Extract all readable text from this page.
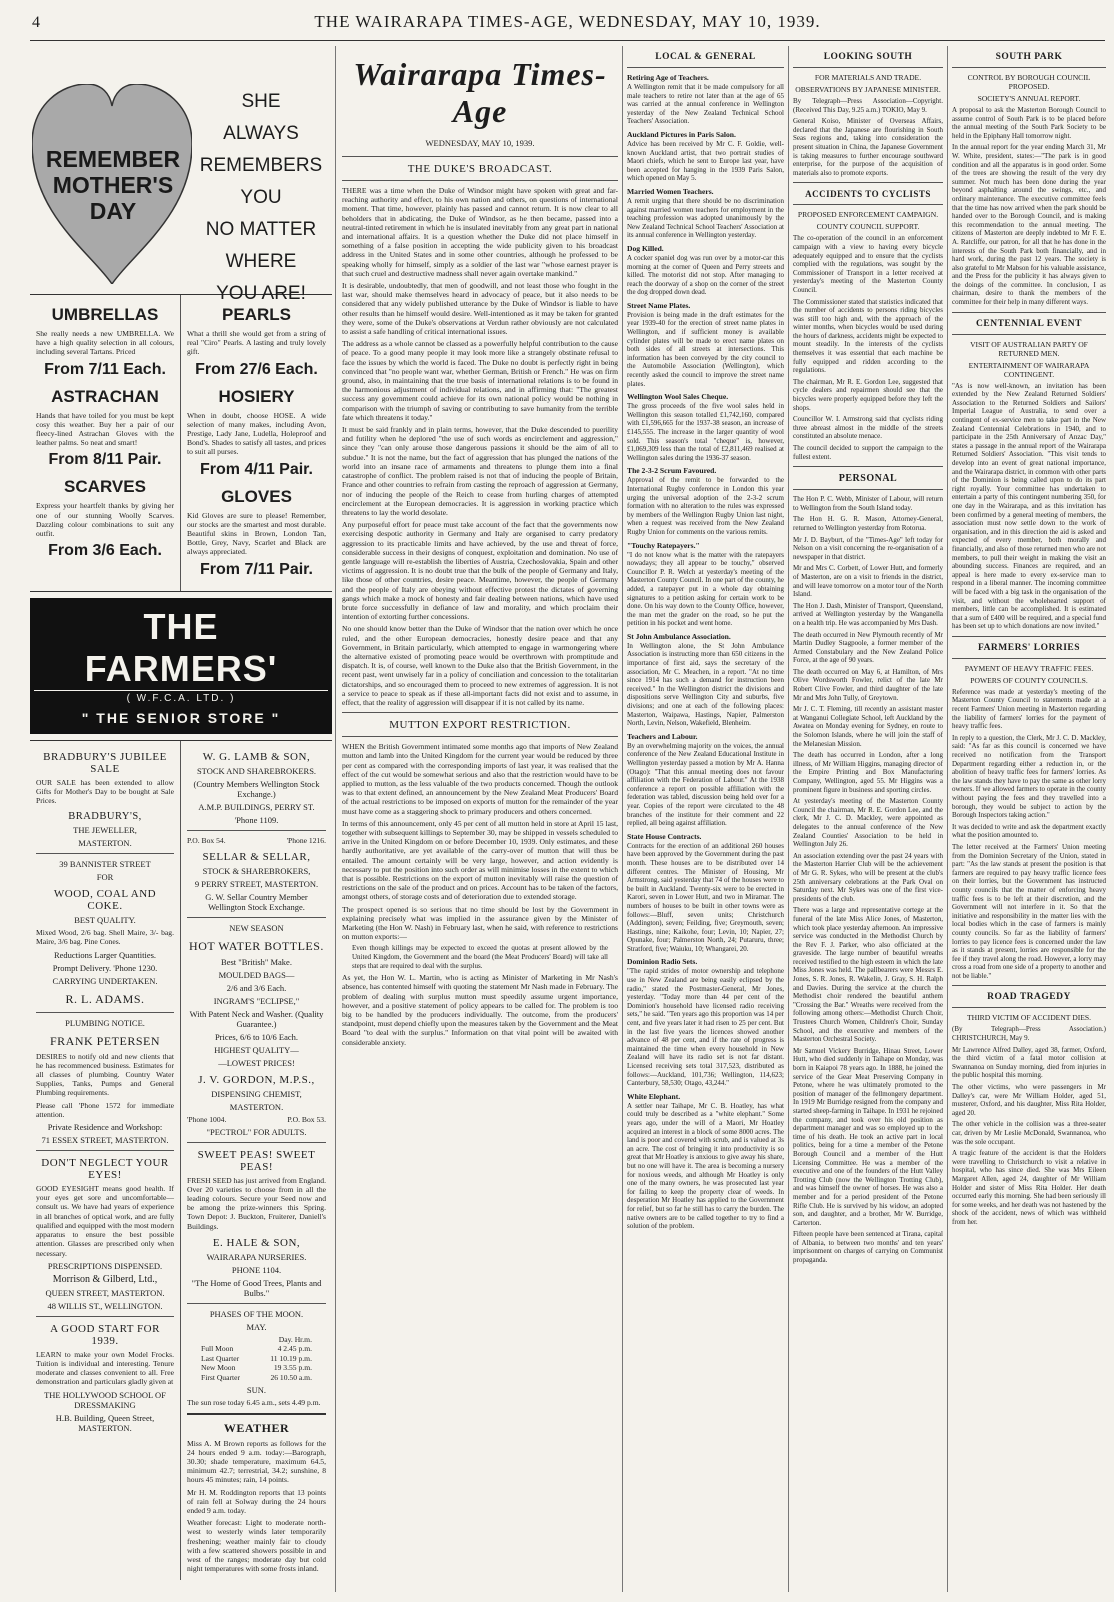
4	THE WAIRARAPA TIMES-AGE, WEDNESDAY, MAY 10, 1939.
REMEMBER MOTHER'S DAY
SHE
ALWAYS
REMEMBERS
YOU
NO MATTER
WHERE
YOU ARE!
UMBRELLAS

She really needs a new UMBRELLA. We have a high quality selection in all colours, including several Tartans. Priced

From 7/11 Each.
ASTRACHAN

Hands that have toiled for you must be kept cosy this weather. Buy her a pair of our fleecy-lined Astrachan Gloves with the leather palms. So neat and smart!

From 8/11 Pair.
SCARVES

Express your heartfelt thanks by giving her one of our stunning Woolly Scarves. Dazzling colour combinations to suit any outfit.

From 3/6 Each.
PEARLS

What a thrill she would get from a string of real "Ciro" Pearls. A lasting and truly lovely gift.

From 27/6 Each.
HOSIERY

When in doubt, choose HOSE. A wide selection of many makes, including Avon, Prestige, Lady Jane, Ludella, Holeproof and Bond's. Shades to satisfy all tastes, and prices to suit all purses.

From 4/11 Pair.
GLOVES

Kid Gloves are sure to please! Remember, our stocks are the smartest and most durable. Beautiful skins in Brown, London Tan, Bottle, Grey, Navy, Scarlet and Black are always appreciated.

From 7/11 Pair.
THE FARMERS'
( W.F.C.A. LTD. )
" THE SENIOR STORE "
BRADBURY'S JUBILEE SALE

OUR SALE has been extended to allow Gifts for Mother's Day to be bought at Sale Prices.

BRADBURY'S,
THE JEWELLER,
MASTERTON.
39 BANNISTER STREET
FOR
WOOD, COAL AND COKE.
BEST QUALITY.

Mixed Wood, 2/6 bag. Shell Maire, 3/- bag. Maire, 3/6 bag. Pine Cones.

Reductions Larger Quantities.
Prompt Delivery. 'Phone 1230.
CARRYING UNDERTAKEN.
R. L. ADAMS.
PLUMBING NOTICE.
FRANK PETERSEN

DESIRES to notify old and new clients that he has recommenced business. Estimates for all classes of plumbing. Country Water Supplies, Tanks, Pumps and General Plumbing requirements.

Please call 'Phone 1572 for immediate attention.

Private Residence and Workshop:
71 ESSEX STREET, MASTERTON.
DON'T NEGLECT YOUR EYES!

GOOD EYESIGHT means good health. If your eyes get sore and uncomfortable—consult us. We have had years of experience in all branches of optical work, and are fully qualified and equipped with the most modern apparatus to ensure the best possible attention. Glasses are prescribed only when necessary.

PRESCRIPTIONS DISPENSED.
Morrison & Gilberd, Ltd.,
QUEEN STREET, MASTERTON.
48 WILLIS ST., WELLINGTON.
A GOOD START FOR 1939.

LEARN to make your own Model Frocks. Tuition is individual and interesting. Tenure moderate and classes convenient to all. Free demonstration and particulars gladly given at

THE HOLLYWOOD SCHOOL OF DRESSMAKING
H.B. Building, Queen Street, MASTERTON.
W. G. LAMB & SON,
STOCK AND SHAREBROKERS.
(Country Members Wellington Stock Exchange.)
A.M.P. BUILDINGS, PERRY ST.
'Phone 1109.
P.O. Box 54.	'Phone 1216.
SELLAR & SELLAR,
STOCK & SHAREBROKERS,
9 PERRY STREET, MASTERTON.
G. W. Sellar Country Member Wellington Stock Exchange.
NEW SEASON
HOT WATER BOTTLES.
Best "British" Make.
MOULDED BAGS—
2/6 and 3/6 Each.
INGRAM'S "ECLIPSE,"
With Patent Neck and Washer. (Quality Guarantee.)
Prices, 6/6 to 10/6 Each.
HIGHEST QUALITY—
—LOWEST PRICES!
J. V. GORDON, M.P.S.,
DISPENSING CHEMIST,
MASTERTON.
'Phone 1004.	P.O. Box 53.
"PECTROL" FOR ADULTS.
SWEET PEAS! SWEET PEAS!

FRESH SEED has just arrived from England. Over 20 varieties to choose from in all the leading colours. Secure your Seed now and be among the prize-winners this Spring. Town Depot: J. Buckton, Fruiterer, Daniell's Buildings.

E. HALE & SON,
WAIRARAPA NURSERIES.
PHONE 1104.
"The Home of Good Trees, Plants and Bulbs."
PHASES OF THE MOON.
MAY.
Day. Hr.m.
Full Moon	4 2.45 p.m.
Last Quarter	11 10.19 p.m.
New Moon	19 3.55 p.m.
First Quarter	26 10.50 a.m.
SUN.

The sun rose today 6.45 a.m., sets 4.49 p.m.

WEATHER

Miss A. M Brown reports as follows for the 24 hours ended 9 a.m. today:—Barograph, 30.30; shade temperature, maximum 64.5, minimum 42.7; terrestrial, 34.2; sunshine, 8 hours 45 minutes; rain, 14 points.

Mr H. M. Roddington reports that 13 points of rain fell at Solway during the 24 hours ended 9 a.m. today.

Weather forecast: Light to moderate north-west to westerly winds later temporarily freshening; weather mainly fair to cloudy with a few scattered showers possible in and west of the ranges; moderate day but cold night temperatures with some frosts inland.

Wairarapa Times-Age
WEDNESDAY, MAY 10, 1939.
THE DUKE'S BROADCAST.

THERE was a time when the Duke of Windsor might have spoken with great and far-reaching authority and effect, to his own nation and others, on questions of international moment. That time, however, plainly has passed and cannot return. It is now clear to all beholders that in abdicating, the Duke of Windsor, as he then became, passed into a neutral-tinted retirement in which he is insulated inevitably from any great part in national and international affairs. It is a question whether the Duke did not place himself in something of a false position in accepting the wide publicity given to his broadcast address in the United States and in some other countries, although he professed to be speaking wholly for himself, simply as a soldier of the last war "whose earnest prayer is that such cruel and destructive madness shall never again overtake mankind."

It is desirable, undoubtedly, that men of goodwill, and not least those who fought in the last war, should make themselves heard in advocacy of peace, but it also needs to be considered that any widely published utterance by the Duke of Windsor is liable to have other results than he himself would desire. Well-intentioned as it may be taken for granted they were, some of the Duke's observations at Verdun rather obviously are not calculated to assist a safe handling of critical international issues.

The address as a whole cannot be classed as a powerfully helpful contribution to the cause of peace. To a good many people it may look more like a strangely obstinate refusal to face the issues by which the world is faced. The Duke no doubt is perfectly right in being convinced that "no people want war, whether German, British or French." He was on firm ground, also, in maintaining that the true basis of international relations is to be found in the harmonious adjustment of individual relations, and in affirming that: "The greatest success any government could achieve for its own national policy would be nothing in comparison with the triumph of saving or contributing to save humanity from the terrible fate which threatens it today."

It must be said frankly and in plain terms, however, that the Duke descended to puerility and futility when he deplored "the use of such words as encirclement and aggression," since they "can only arouse those dangerous passions it should be the aim of all to subdue." It is not the name, but the fact of aggression that has plunged the nations of the world into an insane race of armaments and threatens to plunge them into a final catastrophe of conflict. The problem raised is not that of inducing the people of Britain, France and other countries to refrain from casting the reproach of aggression at Germany, nor of inducing the people of the Reich to cease from hurling charges of attempted encirclement at the European democracies. It is aggression in working practice which threatens to lay the world desolate.

Any purposeful effort for peace must take account of the fact that the governments now exercising despotic authority in Germany and Italy are organised to carry predatory aggression to its practicable limits and have achieved, by the use and threat of force, considerable success in their designs of conquest, exploitation and domination. No use of gentle language will re-establish the liberties of Austria, Czechoslovakia, Spain and other victims of aggression. It is no doubt true that the bulk of the people of Germany and Italy, like those of other countries, desire peace. Meantime, however, the people of Germany and the people of Italy are obeying without effective protest the dictates of governing gangs which make a mock of honesty and fair dealing between nations, which have used brute force successfully in defiance of law and morality, and which proclaim their intention of extorting further concessions.

No one should know better than the Duke of Windsor that the nation over which he once ruled, and the other European democracies, honestly desire peace and that any Government, in Britain particularly, which attempted to engage in warmongering where the alternative existed of promoting peace would be overthrown with promptitude and dispatch. It is, of course, well known to the Duke also that the British Government, in the recent past, went unwisely far in a policy of conciliation and concession to the totalitarian dictatorships, and so encouraged them to proceed to new extremes of aggression. It is not a service to peace to speak as if these all-important facts did not exist and to assume, in effect, that the reality of aggression will disappear if it is not called by its name.

MUTTON EXPORT RESTRICTION.

WHEN the British Government intimated some months ago that imports of New Zealand mutton and lamb into the United Kingdom for the current year would be reduced by three per cent as compared with the corresponding imports of last year, it was realised that the effect of the cut would be somewhat serious and also that the restriction would have to be applied to mutton, as the less valuable of the two products concerned. Though the outlook was to that extent defined, an announcement by the New Zealand Meat Producers' Board of the actual restrictions to be imposed on exports of mutton for the remainder of the year must have come as a staggering shock to primary producers and others concerned.

In terms of this announcement, only 45 per cent of all mutton held in store at April 15 last, together with subsequent killings to September 30, may be shipped in vessels scheduled to arrive in the United Kingdom on or before December 10, 1939. Only estimates, and these hardly authoritative, are yet available of the carry-over of mutton that will thus be entailed. The amount certainly will be very large, however, and action evidently is necessary to put the position into such order as will minimise losses in the extent to which that is possible. Restrictions on the export of mutton inevitably will raise the question of restrictions on the sale of the product and on prices. Account has to be taken of the factors, amongst others, of storage costs and of deterioration due to extended storage.

The prospect opened is so serious that no time should be lost by the Government in explaining precisely what was implied in the assurance given by the Minister of Marketing (the Hon W. Nash) in February last, when he said, with reference to restrictions on mutton exports:—

Even though killings may be expected to exceed the quotas at present allowed by the United Kingdom, the Government and the board (the Meat Producers' Board) will take all steps that are required to deal with the surplus.

As yet, the Hon W. L. Martin, who is acting as Minister of Marketing in Mr Nash's absence, has contented himself with quoting the statement Mr Nash made in February. The problem of dealing with surplus mutton must speedily assume urgent importance, however, and a positive statement of policy appears to be called for. The problem is too big to be handled by the producers individually. The outcome, from the producers' standpoint, must depend chiefly upon the measures taken by the Government and the Meat Board "to deal with the surplus." Information on that vital point will be awaited with considerable anxiety.

LOCAL & GENERAL
Retiring Age of Teachers.

A Wellington remit that it be made compulsory for all male teachers to retire not later than at the age of 65 was carried at the annual conference in Wellington yesterday of the New Zealand Technical School Teachers' Association.

Auckland Pictures in Paris Salon.

Advice has been received by Mr C. F. Goldie, well-known Auckland artist, that two portrait studies of Maori chiefs, which he sent to Europe last year, have been accepted for hanging in the 1939 Paris Salon, which opened on May 5.

Married Women Teachers.

A remit urging that there should be no discrimination against married women teachers for employment in the teaching profession was adopted unanimously by the New Zealand Technical School Teachers' Association at its annual conference in Wellington yesterday.

Dog Killed.

A cocker spaniel dog was run over by a motor-car this morning at the corner of Queen and Perry streets and killed. The motorist did not stop. After managing to reach the doorway of a shop on the corner of the street the dog dropped down dead.

Street Name Plates.

Provision is being made in the draft estimates for the year 1939-40 for the erection of street name plates in Wellington, and if sufficient money is available cylinder plates will be made to erect name plates on both sides of all streets at intersections. This information has been conveyed by the city council to the Automobile Association (Wellington), which recently asked the council to improve the street name plates.

Wellington Wool Sales Cheque.

The gross proceeds of the five wool sales held in Wellington this season totalled £1,742,160, compared with £1,596,665 for the 1937-38 season, an increase of £145,555. The increase in the larger quantity of wool sold. This season's total "cheque" is, however, £1,069,309 less than the total of £2,811,469 realised at Wellington sales during the 1936-37 season.

The 2-3-2 Scrum Favoured.

Approval of the remit to be forwarded to the International Rugby conference in London this year urging the universal adoption of the 2-3-2 scrum formation with no alteration to the rules was expressed by members of the Wellington Rugby Union last night, when a request was received from the New Zealand Rugby Union for comments on the various remits.

"Touchy Ratepayers."

"I do not know what is the matter with the ratepayers nowadays; they all appear to be touchy," observed Councillor P. R. Welch at yesterday's meeting of the Masterton County Council. In one part of the county, he added, a ratepayer put in a whole day obtaining signatures to a petition asking for certain work to be done. On his way down to the County Office, however, the man met the grader on the road, so he put the petition in his pocket and went home.

St John Ambulance Association.

In Wellington alone, the St John Ambulance Association is instructing more than 650 citizens in the importance of first aid, says the secretary of the association, Mr C. Meachen, in a report. "At no time since 1914 has such a demand for instruction been received." In the Wellington district the divisions and dispositions serve Wellington City and suburbs, five divisions; and one at each of the following places: Masterton, Waipawa, Hastings, Napier, Palmerston North, Levin, Nelson, Wakefield, Blenheim.

Teachers and Labour.

By an overwhelming majority on the voices, the annual conference of the New Zealand Educational Institute in Wellington yesterday passed a motion by Mr A. Hanna (Otago): "That this annual meeting does not favour affiliation with the Federation of Labour." At the 1938 conference a report on possible affiliation with the federation was tabled, discussion being held over for a year. Copies of the report were circulated to the 48 branches of the institute for their comment and 22 replied, all being against affiliation.

State House Contracts.

Contracts for the erection of an additional 260 houses have been approved by the Government during the past month. These houses are to be distributed over 14 different centres. The Minister of Housing, Mr Armstrong, said yesterday that 74 of the houses were to be built in Auckland. Twenty-six were to be erected in Karori, seven in Lower Hutt, and two in Miramar. The numbers of houses to be built in other towns were as follows:—Bluff, seven units; Christchurch (Addington), seven; Feilding, five; Greymouth, seven; Hastings, nine; Kaikohe, four; Levin, 10; Napier, 27; Opunake, four; Palmerston North, 24; Putaruru, three; Stratford, five; Waiuku, 10; Whangarei, 20.

Dominion Radio Sets.

"The rapid strides of motor ownership and telephone use in New Zealand are being easily eclipsed by the radio," stated the Postmaster-General, Mr Jones, yesterday. "Today more than 44 per cent of the Dominion's household have licensed radio receiving sets," he said. "Ten years ago this proportion was 14 per cent, and five years later it had risen to 25 per cent. But in the last five years the licences showed another advance of 48 per cent, and if the rate of progress is maintained the time when every household in New Zealand will have its radio set is not far distant. Licensed receiving sets total 317,523, distributed as follows:—Auckland, 101,736; Wellington, 114,623; Canterbury, 58,530; Otago, 43,244."

White Elephant.

A settler near Taihape, Mr C. B. Hoatley, has what could truly be described as a "white elephant." Some years ago, under the will of a Maori, Mr Hoatley acquired an interest in a block of some 8000 acres. The land is poor and covered with scrub, and is valued at 3s an acre. The cost of bringing it into productivity is so great that Mr Hoatley is anxious to give away his share, but no one will have it. The area is becoming a nursery for noxious weeds, and although Mr Hoatley is only one of the many owners, he was prosecuted last year for failing to keep the property clear of weeds. In desperation Mr Hoatley has applied to the Government for relief, but so far he still has to carry the burden. The native owners are to be called together to try to find a solution of the problem.

LOOKING SOUTH
FOR MATERIALS AND TRADE.
OBSERVATIONS BY JAPANESE MINISTER.

By Telegraph—Press Association—Copyright. (Received This Day, 9.25 a.m.) TOKIO, May 9.

General Koiso, Minister of Overseas Affairs, declared that the Japanese are flourishing in South Seas regions and, taking into consideration the present situation in China, the Japanese Government is taking measures to further encourage southward enterprise, for the purpose of the acquisition of materials also to promote exports.

ACCIDENTS TO CYCLISTS
PROPOSED ENFORCEMENT CAMPAIGN.
COUNTY COUNCIL SUPPORT.

The co-operation of the council in an enforcement campaign with a view to having every bicycle adequately equipped and to ensure that the cyclists complied with the regulations, was sought by the Commissioner of Transport in a letter received at yesterday's meeting of the Masterton County Council.

The Commissioner stated that statistics indicated that the number of accidents to persons riding bicycles was still too high and, with the approach of the winter months, when bicycles would be used during the hours of darkness, accidents might be expected to mount steadily. In the interests of the cyclists themselves it was essential that each machine be fully equipped and ridden according to the regulations.

The chairman, Mr R. E. Gordon Lee, suggested that cycle dealers and repairmen should see that the bicycles were properly equipped before they left the shops.

Councillor W. I. Armstrong said that cyclists riding three abreast almost in the middle of the streets constituted an absolute menace.

The council decided to support the campaign to the fullest extent.

PERSONAL

The Hon P. C. Webb, Minister of Labour, will return to Wellington from the South Island today.

The Hon H. G. R. Mason, Attorney-General, returned to Wellington yesterday from Rotorua.

Mr J. D. Bayburt, of the "Times-Age" left today for Nelson on a visit concerning the re-organisation of a newspaper in that district.

Mr and Mrs C. Corbett, of Lower Hutt, and formerly of Masterton, are on a visit to friends in the district, and will leave tomorrow on a motor tour of the North Island.

The Hon J. Dash, Minister of Transport, Queensland, arrived at Wellington yesterday by the Wanganella on a health trip. He was accompanied by Mrs Dash.

The death occurred in New Plymouth recently of Mr Martin Dudley Stagpoole, a former member of the Armed Constabulary and the New Zealand Police Force, at the age of 90 years.

The death occurred on May 6, at Hamilton, of Mrs Olive Wordsworth Fowler, relict of the late Mr Robert Clive Fowler, and third daughter of the late Mr and Mrs John Tully, of Greytown.

Mr J. C. T. Fleming, till recently an assistant master at Wanganui Collegiate School, left Auckland by the Awatea on Monday evening for Sydney, en route to the Solomon Islands, where he will join the staff of the Melanesian Mission.

The death has occurred in London, after a long illness, of Mr William Higgins, managing director of the Empire Printing and Box Manufacturing Company, Wellington, aged 55. Mr Higgins was a prominent figure in business and sporting circles.

At yesterday's meeting of the Masterton County Council the chairman, Mr R. E. Gordon Lee, and the clerk, Mr J. C. D. Mackley, were appointed as delegates to the annual conference of the New Zealand Counties' Association to be held in Wellington July 26.

An association extending over the past 24 years with the Masterton Harrier Club will be the achievement of Mr G. R. Sykes, who will be present at the club's 25th anniversary celebrations at the Park Oval on Saturday next. Mr Sykes was one of the first vice-presidents of the club.

There was a large and representative cortege at the funeral of the late Miss Alice Jones, of Masterton, which took place yesterday afternoon. An impressive service was conducted in the Methodist Church by the Rev F. J. Parker, who also officiated at the graveside. The large number of beautiful wreaths received testified to the high esteem in which the late Miss Jones was held. The pallbearers were Messrs E. Jones, S. R. Jones, R. Wakelin, J. Gray, S. H. Ralph and Davies. During the service at the church the Methodist choir rendered the beautiful anthem "Crossing the Bar." Wreaths were received from the following among others:—Methodist Church Choir, Trustees Church Women, Children's Choir, Sunday School, and the executive and members of the Masterton Orchestral Society.

Mr Samuel Vickery Burridge, Hinau Street, Lower Hutt, who died suddenly in Taihape on Monday, was born in Kaiapoi 78 years ago. In 1888, he joined the service of the Gear Meat Preserving Company in Petone, where he was ultimately promoted to the position of manager of the fellmongery department. In 1919 Mr Burridge resigned from the company and started sheep-farming in Taihape. In 1931 he rejoined the company, and took over his old position as department manager and was so employed up to the time of his death. He took an active part in local politics, being for a time a member of the Petone Borough Council and a member of the Hutt Licensing Committee. He was a member of the executive and one of the founders of the Hutt Valley Trotting Club (now the Wellington Trotting Club), and was himself the owner of horses. He was also a member and for a period president of the Petone Rifle Club. He is survived by his widow, an adopted son, and daughter, and a brother, Mr W. Burridge, Carterton.

Fifteen people have been sentenced at Tirana, capital of Albania, to between two months' and ten years' imprisonment on charges of carrying on Communist propaganda.

SOUTH PARK
CONTROL BY BOROUGH COUNCIL PROPOSED.
SOCIETY'S ANNUAL REPORT.

A proposal to ask the Masterton Borough Council to assume control of South Park is to be placed before the annual meeting of the South Park Society to be held in the Epiphany Hall tomorrow night.

In the annual report for the year ending March 31, Mr W. White, president, states:—"The park is in good condition and all the apparatus is in good order. Some of the trees are showing the result of the very dry summer. Not much has been done during the year beyond asphalting around the swings, etc., and ordinary maintenance. The executive committee feels that the time has now arrived when the park should be handed over to the Borough Council, and is making this recommendation to the annual meeting. The citizens of Masterton are deeply indebted to Mr F. E. A. Ratcliffe, our patron, for all that he has done in the interests of the South Park both financially, and in hard work, during the past 12 years. The society is also grateful to Mr Mabson for his valuable assistance, and the Press for the publicity it has always given to the doings of the committee. In conclusion, I as chairman, desire to thank the members of the committee for their help in many different ways.

CENTENNIAL EVENT
VISIT OF AUSTRALIAN PARTY OF RETURNED MEN.
ENTERTAINMENT OF WAIRARAPA CONTINGENT.

"As is now well-known, an invitation has been extended by the New Zealand Returned Soldiers' Association to the Returned Soldiers and Sailors' Imperial League of Australia, to send over a contingent of ex-service men to take part in the New Zealand Centennial Celebrations in 1940, and to participate in the 25th Anniversary of Anzac Day," states a passage in the annual report of the Wairarapa Returned Soldiers' Association. "This visit tends to develop into an event of great national importance, and the Wairarapa district, in common with other parts of the Dominion is being called upon to do its part right royally. Your committee has undertaken to entertain a party of this contingent numbering 350, for one day in the Wairarapa, and as this invitation has been confirmed by a general meeting of members, the association must now settle down to the work of organisation, and in this direction the aid is asked and expected of every member, both morally and financially, and also of those returned men who are not members, to pull their weight in making the visit an abounding success. Finances are required, and an appeal is here made to every ex-service man to respond in a liberal manner. The incoming committee will be faced with a big task in the organisation of the visit, and without the wholehearted support of members, little can be accomplished. It is estimated that a sum of £400 will be required, and a special fund has been set up to which donations are now invited."

FARMERS' LORRIES
PAYMENT OF HEAVY TRAFFIC FEES.
POWERS OF COUNTY COUNCILS.

Reference was made at yesterday's meeting of the Masterton County Council to statements made at a recent Farmers' Union meeting in Masterton regarding the liability of farmers' lorries for the payment of heavy traffic fees.

In reply to a question, the Clerk, Mr J. C. D. Mackley, said: "As far as this council is concerned we have received no notification from the Transport Department regarding either a reduction in, or the abolition of heavy traffic fees for farmers' lorries. As the law stands they have to pay the same as other lorry owners. If we allowed farmers to operate in the county without paying the fees and they travelled into a borough, they would be subject to action by the Borough Inspectors taking action."

It was decided to write and ask the department exactly what the position amounted to.

The letter received at the Farmers' Union meeting from the Dominion Secretary of the Union, stated in part: "As the law stands at present the position is that farmers are required to pay heavy traffic licence fees on their lorries, but the Government has instructed county councils that the matter of enforcing heavy traffic fees is to be left at their discretion, and the Government will not interfere in it. So that the initiative and responsibility in the matter lies with the local bodies which in the case of farmers is mainly county councils. So far as the liability of farmers' lorries to pay licence fees is concerned under the law as it stands at present, lorries are responsible for the fee if they travel along the road. However, a lorry may cross a road from one side of a property to another and not be liable."

ROAD TRAGEDY
THIRD VICTIM OF ACCIDENT DIES.

(By Telegraph—Press Association.) CHRISTCHURCH, May 9.

Mr Lawrence Alfred Dalley, aged 38, farmer, Oxford, the third victim of a fatal motor collision at Swannanoa on Sunday morning, died from injuries in the public hospital this morning.

The other victims, who were passengers in Mr Dalley's car, were Mr William Holder, aged 51, musterer, Oxford, and his daughter, Miss Rita Holder, aged 20.

The other vehicle in the collision was a three-seater car, driven by Mr Leslie McDonald, Swannanoa, who was the sole occupant.

A tragic feature of the accident is that the Holders were travelling to Christchurch to visit a relative in hospital, who has since died. She was Mrs Eileen Margaret Allen, aged 24, daughter of Mr William Holder and sister of Miss Rita Holder. Her death occurred early this morning. She had been seriously ill for some weeks, and her death was not hastened by the shock of the accident, news of which was withheld from her.
